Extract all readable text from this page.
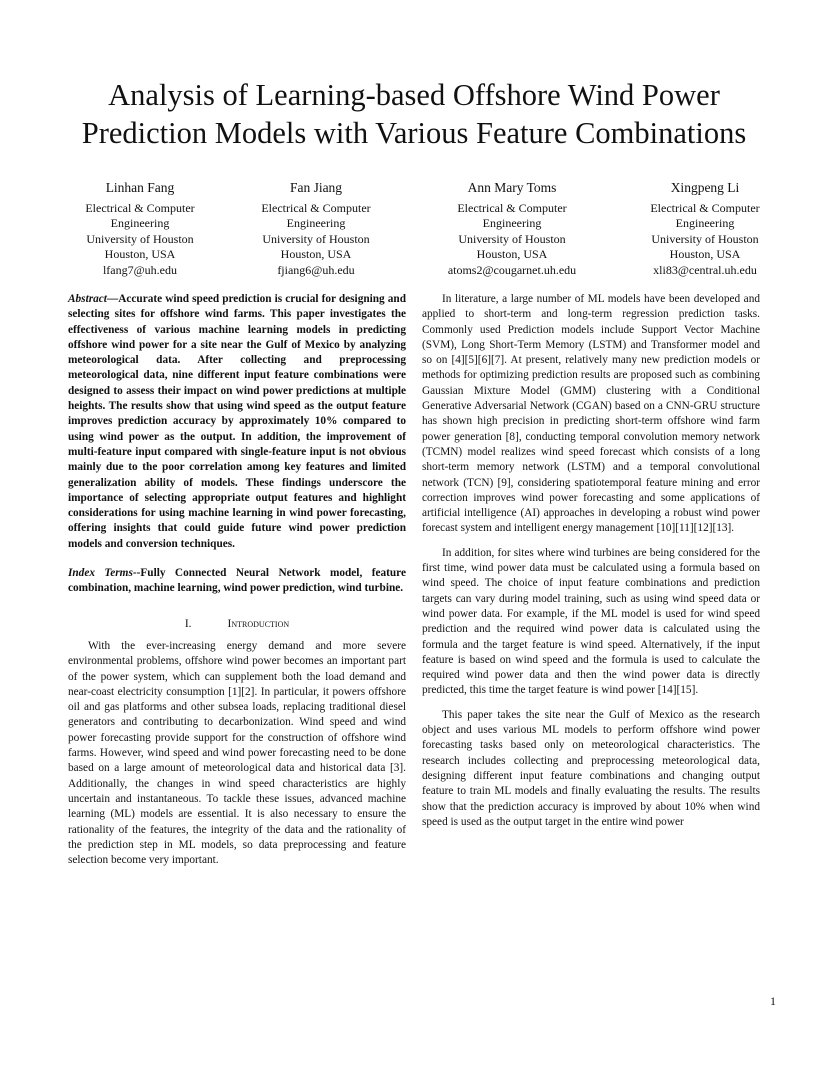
Analysis of Learning-based Offshore Wind Power
Prediction Models with Various Feature Combinations
Linhan Fang
Electrical & Computer
Engineering
University of Houston
Houston, USA
lfang7@uh.edu
Fan Jiang
Electrical & Computer
Engineering
University of Houston
Houston, USA
fjiang6@uh.edu
Ann Mary Toms
Electrical & Computer
Engineering
University of Houston
Houston, USA
atoms2@cougarnet.uh.edu
Xingpeng Li
Electrical & Computer
Engineering
University of Houston
Houston, USA
xli83@central.uh.edu

Abstract—Accurate wind speed prediction is crucial for designing and selecting sites for offshore wind farms. This paper investigates the effectiveness of various machine learning models in predicting offshore wind power for a site near the Gulf of Mexico by analyzing meteorological data. After collecting and preprocessing meteorological data, nine different input feature combinations were designed to assess their impact on wind power predictions at multiple heights. The results show that using wind speed as the output feature improves prediction accuracy by approximately 10% compared to using wind power as the output. In addition, the improvement of multi-feature input compared with single-feature input is not obvious mainly due to the poor correlation among key features and limited generalization ability of models. These findings underscore the importance of selecting appropriate output features and highlight considerations for using machine learning in wind power forecasting, offering insights that could guide future wind power prediction models and conversion techniques.

Index Terms--Fully Connected Neural Network model, feature combination, machine learning, wind power prediction, wind turbine.

I.	Introduction

With the ever-increasing energy demand and more severe environmental problems, offshore wind power becomes an important part of the power system, which can supplement both the load demand and near-coast electricity consumption [1][2]. In particular, it powers offshore oil and gas platforms and other subsea loads, replacing traditional diesel generators and contributing to decarbonization. Wind speed and wind power forecasting provide support for the construction of offshore wind farms. However, wind speed and wind power forecasting need to be done based on a large amount of meteorological data and historical data [3]. Additionally, the changes in wind speed characteristics are highly uncertain and instantaneous. To tackle these issues, advanced machine learning (ML) models are essential. It is also necessary to ensure the rationality of the features, the integrity of the data and the rationality of the prediction step in ML models, so data preprocessing and feature selection become very important.

In literature, a large number of ML models have been developed and applied to short-term and long-term regression prediction tasks. Commonly used Prediction models include Support Vector Machine (SVM), Long Short-Term Memory (LSTM) and Transformer model and so on [4][5][6][7]. At present, relatively many new prediction models or methods for optimizing prediction results are proposed such as combining Gaussian Mixture Model (GMM) clustering with a Conditional Generative Adversarial Network (CGAN) based on a CNN-GRU structure has shown high precision in predicting short-term offshore wind farm power generation [8], conducting temporal convolution memory network (TCMN) model realizes wind speed forecast which consists of a long short-term memory network (LSTM) and a temporal convolutional network (TCN) [9], considering spatiotemporal feature mining and error correction improves wind power forecasting and some applications of artificial intelligence (AI) approaches in developing a robust wind power forecast system and intelligent energy management [10][11][12][13].

In addition, for sites where wind turbines are being considered for the first time, wind power data must be calculated using a formula based on wind speed. The choice of input feature combinations and prediction targets can vary during model training, such as using wind speed data or wind power data. For example, if the ML model is used for wind speed prediction and the required wind power data is calculated using the formula and the target feature is wind speed. Alternatively, if the input feature is based on wind speed and the formula is used to calculate the required wind power data and then the wind power data is directly predicted, this time the target feature is wind power [14][15].

This paper takes the site near the Gulf of Mexico as the research object and uses various ML models to perform offshore wind power forecasting tasks based only on meteorological characteristics. The research includes collecting and preprocessing meteorological data, designing different input feature combinations and changing output feature to train ML models and finally evaluating the results. The results show that the prediction accuracy is improved by about 10% when wind speed is used as the output target in the entire wind power

1
